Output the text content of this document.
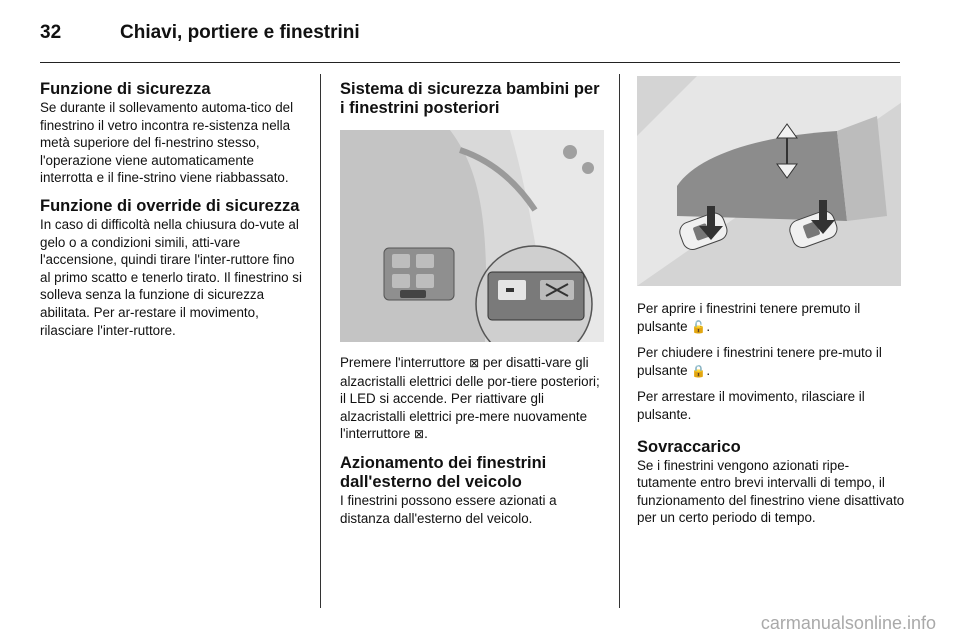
32	Chiavi, portiere e finestrini
Funzione di sicurezza

Se durante il sollevamento automa-tico del finestrino il vetro incontra re-sistenza nella metà superiore del fi-nestrino stesso, l'operazione viene automaticamente interrotta e il fine-strino viene riabbassato.

Funzione di override di sicurezza

In caso di difficoltà nella chiusura do-vute al gelo o a condizioni simili, atti-vare l'accensione, quindi tirare l'inter-ruttore fino al primo scatto e tenerlo tirato. Il finestrino si solleva senza la funzione di sicurezza abilitata. Per ar-restare il movimento, rilasciare l'inter-ruttore.

Sistema di sicurezza bambini per i finestrini posteriori

Premere l'interruttore ⊠ per disatti-vare gli alzacristalli elettrici delle por-tiere posteriori; il LED si accende. Per riattivare gli alzacristalli elettrici pre-mere nuovamente l'interruttore ⊠.

Azionamento dei finestrini dall'esterno del veicolo

I finestrini possono essere azionati a distanza dall'esterno del veicolo.

Per aprire i finestrini tenere premuto il pulsante 🔓.

Per chiudere i finestrini tenere pre-muto il pulsante 🔒.

Per arrestare il movimento, rilasciare il pulsante.

Sovraccarico

Se i finestrini vengono azionati ripe-tutamente entro brevi intervalli di tempo, il funzionamento del finestrino viene disattivato per un certo periodo di tempo.

carmanualsonline.info
